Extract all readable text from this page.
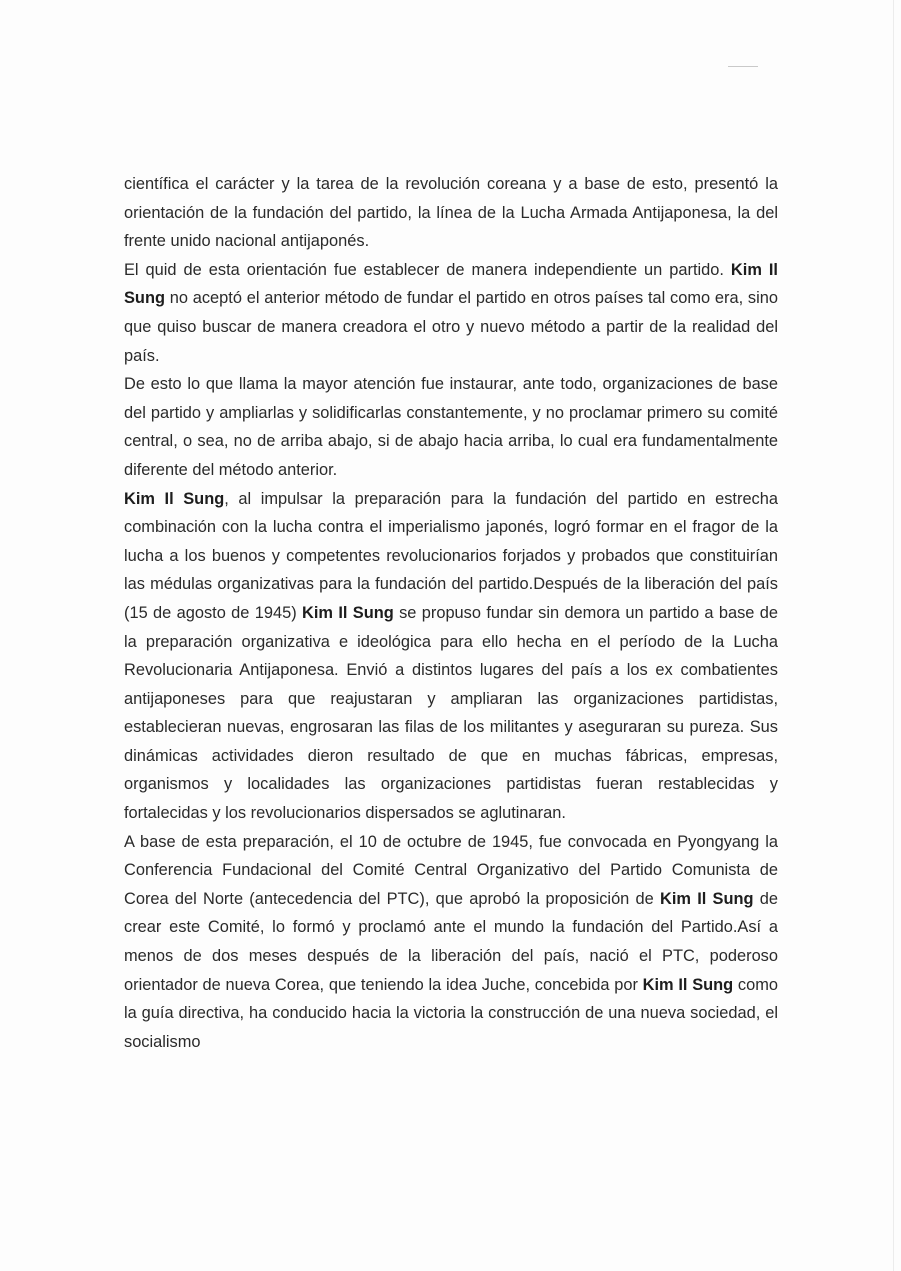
científica el carácter y la tarea de la revolución coreana y a base de esto, presentó la orientación de la fundación del partido, la línea de la Lucha Armada Antijaponesa, la del frente unido nacional antijaponés.

El quid de esta orientación fue establecer de manera independiente un partido. Kim Il Sung no aceptó el anterior método de fundar el partido en otros países tal como era, sino que quiso buscar de manera creadora el otro y nuevo método a partir de la realidad del país.

De esto lo que llama la mayor atención fue instaurar, ante todo, organizaciones de base del partido y ampliarlas y solidificarlas constantemente, y no proclamar primero su comité central, o sea, no de arriba abajo, si de abajo hacia arriba, lo cual era fundamentalmente diferente del método anterior.

Kim Il Sung, al impulsar la preparación para la fundación del partido en estrecha combinación con la lucha contra el imperialismo japonés, logró formar en el fragor de la lucha a los buenos y competentes revolucionarios forjados y probados que constituirían las médulas organizativas para la fundación del partido.Después de la liberación del país (15 de agosto de 1945) Kim Il Sung se propuso fundar sin demora un partido a base de la preparación organizativa e ideológica para ello hecha en el período de la Lucha Revolucionaria Antijaponesa. Envió a distintos lugares del país a los ex combatientes antijaponeses para que reajustaran y ampliaran las organizaciones partidistas, establecieran nuevas, engrosaran las filas de los militantes y aseguraran su pureza. Sus dinámicas actividades dieron resultado de que en muchas fábricas, empresas, organismos y localidades las organizaciones partidistas fueran restablecidas y fortalecidas y los revolucionarios dispersados se aglutinaran.

A base de esta preparación, el 10 de octubre de 1945, fue convocada en Pyongyang la Conferencia Fundacional del Comité Central Organizativo del Partido Comunista de Corea del Norte (antecedencia del PTC), que aprobó la proposición de Kim Il Sung de crear este Comité, lo formó y proclamó ante el mundo la fundación del Partido.Así a menos de dos meses después de la liberación del país, nació el PTC, poderoso orientador de nueva Corea, que teniendo la idea Juche, concebida por Kim Il Sung como la guía directiva, ha conducido hacia la victoria la construcción de una nueva sociedad, el socialismo
